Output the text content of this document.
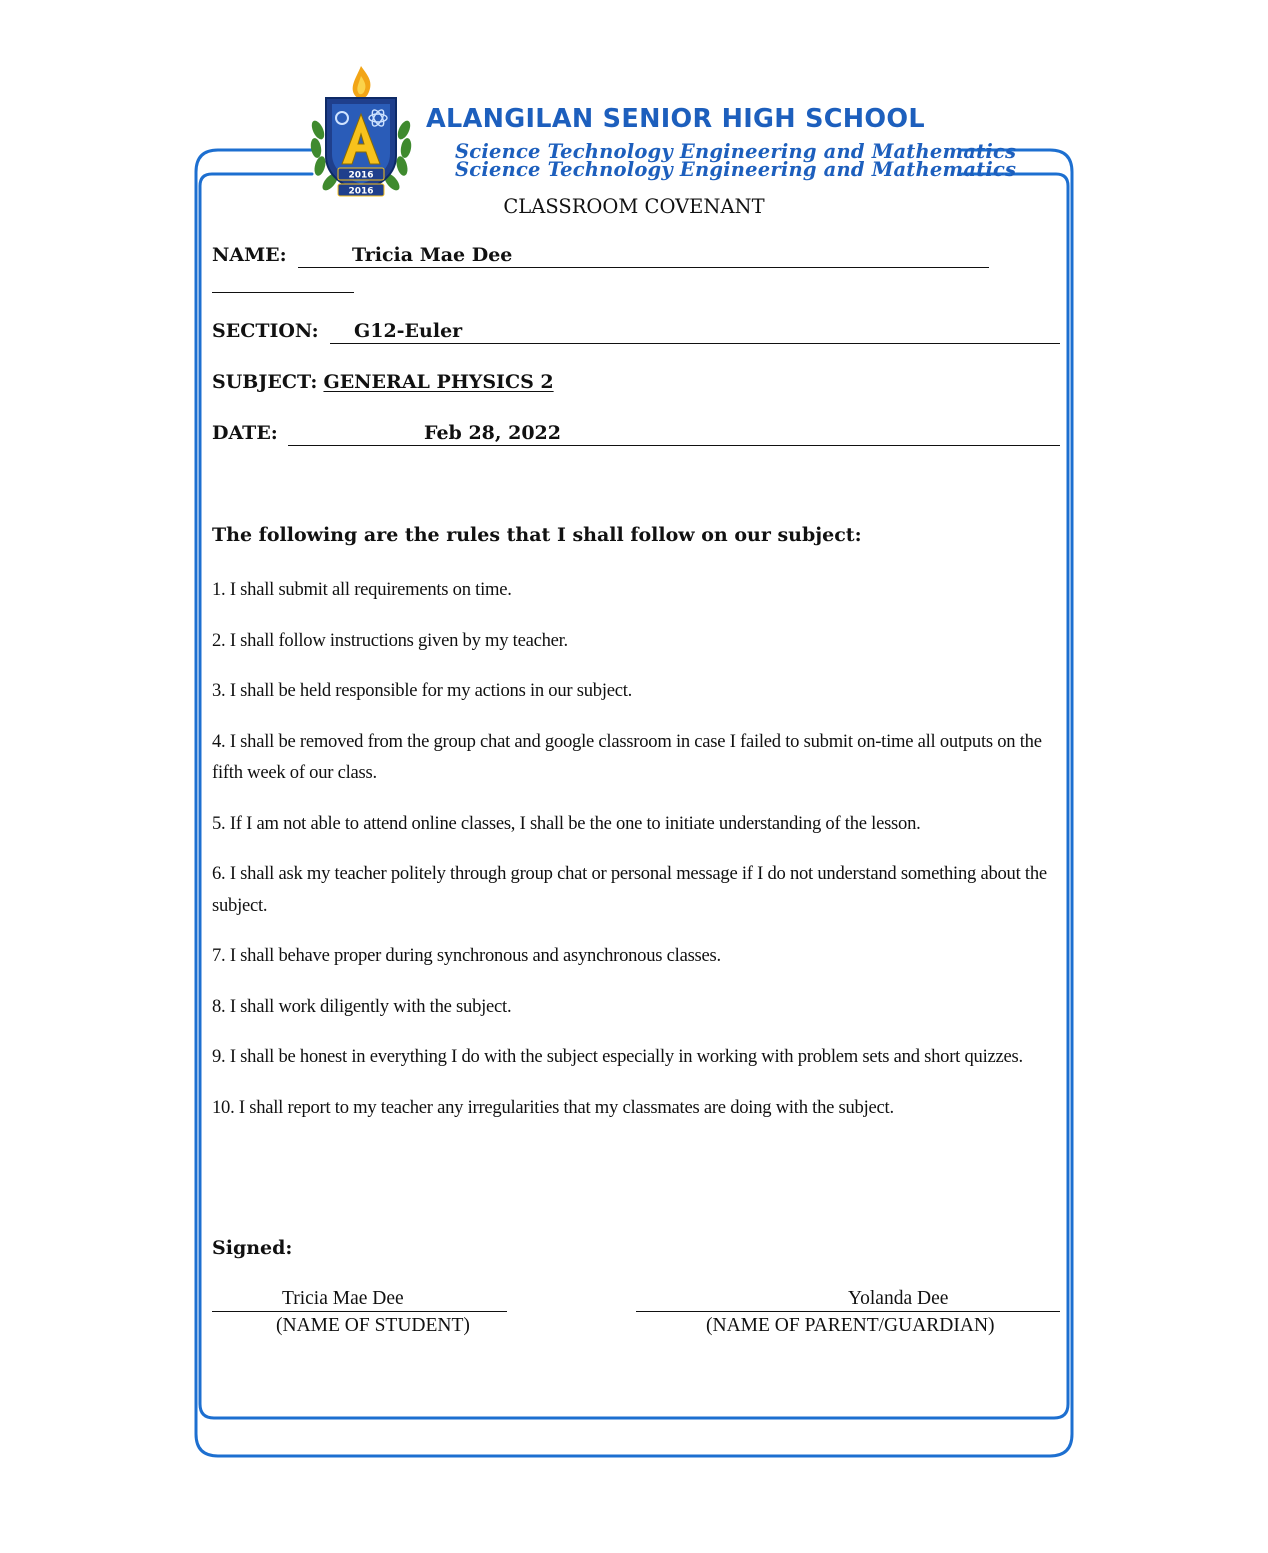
2016
2016
ALANGILAN SENIOR HIGH SCHOOL

Science Technology Engineering and Mathematics

Science Technology Engineering and Mathematics
CLASSROOM COVENANT
NAME:	Tricia Mae Dee
SECTION: G12-Euler
SUBJECT: GENERAL PHYSICS 2
DATE:	Feb 28, 2022

The following are the rules that I shall follow on our subject:

1. I shall submit all requirements on time.
2. I shall follow instructions given by my teacher.
3. I shall be held responsible for my actions in our subject.
4. I shall be removed from the group chat and google classroom in case I failed to submit on-time all outputs on the fifth week of our class.
5. If I am not able to attend online classes, I shall be the one to initiate understanding of the lesson.
6. I shall ask my teacher politely through group chat or personal message if I do not understand something about the subject.
7. I shall behave proper during synchronous and asynchronous classes.
8. I shall work diligently with the subject.
9. I shall be honest in everything I do with the subject especially in working with problem sets and short quizzes.
10. I shall report to my teacher any irregularities that my classmates are doing with the subject.

Signed:

Tricia Mae Dee
(NAME OF STUDENT)
Yolanda Dee
(NAME OF PARENT/GUARDIAN)
